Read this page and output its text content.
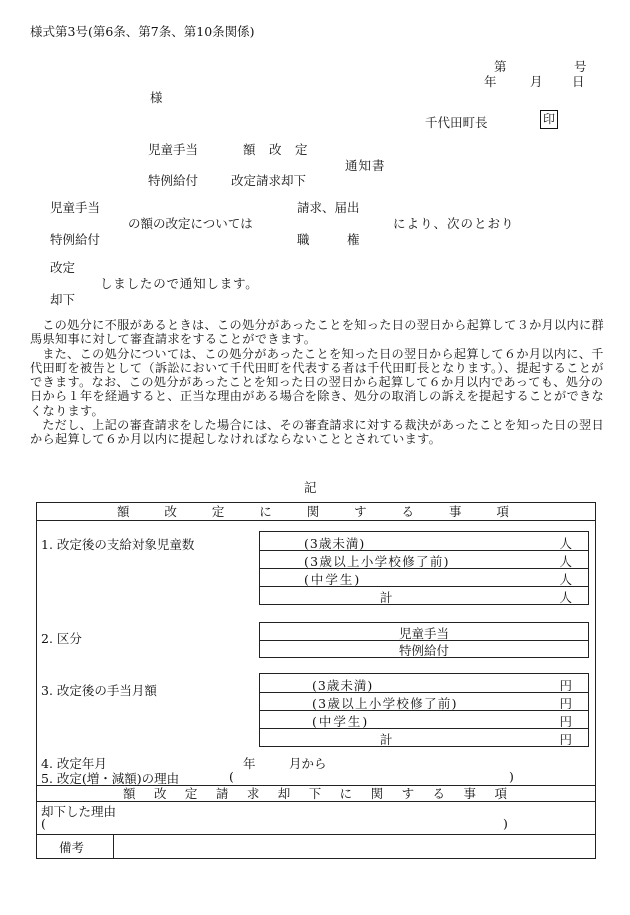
様式第3号(第6条、第7条、第10条関係)
第	号
年	月 日
様
千代田町長	印
児童手当	額　改　定
通知書
特例給付	改定請求却下
児童手当
特例給付
の額の改定については
請求、届出
職　　　権
により、次のとおり
改定
却下
しましたので通知します。

この処分に不服があるときは、この処分があったことを知った日の翌日から起算して３か月以内に群馬県知事に対して審査請求をすることができます。

また、この処分については、この処分があったことを知った日の翌日から起算して６か月以内に、千代田町を被告として（訴訟において千代田町を代表する者は千代田町長となります。）、提起することができます。なお、この処分があったことを知った日の翌日から起算して６か月以内であっても、処分の日から１年を経過すると、正当な理由がある場合を除き、処分の取消しの訴えを提起することができなくなります。

ただし、上記の審査請求をした場合には、その審査請求に対する裁決があったことを知った日の翌日から起算して６か月以内に提起しなければならないこととされています。

記
額	改	定	に	関	す	る	事	項
1. 改定後の支給対象児童数	(3歳未満)	人
(3歳以上小学校修了前)	人
(中学生)	人
計	人
2. 区分	児童手当
特例給付
3. 改定後の手当月額	(3歳未満)	円
(3歳以上小学校修了前)	円
(中学生)	円
計	円
4. 改定年月	年	月から
5. 改定(増・減額)の理由	(	)
額 改 定 請 求 却 下 に 関 す る 事 項
却下した理由
(	)
備考
